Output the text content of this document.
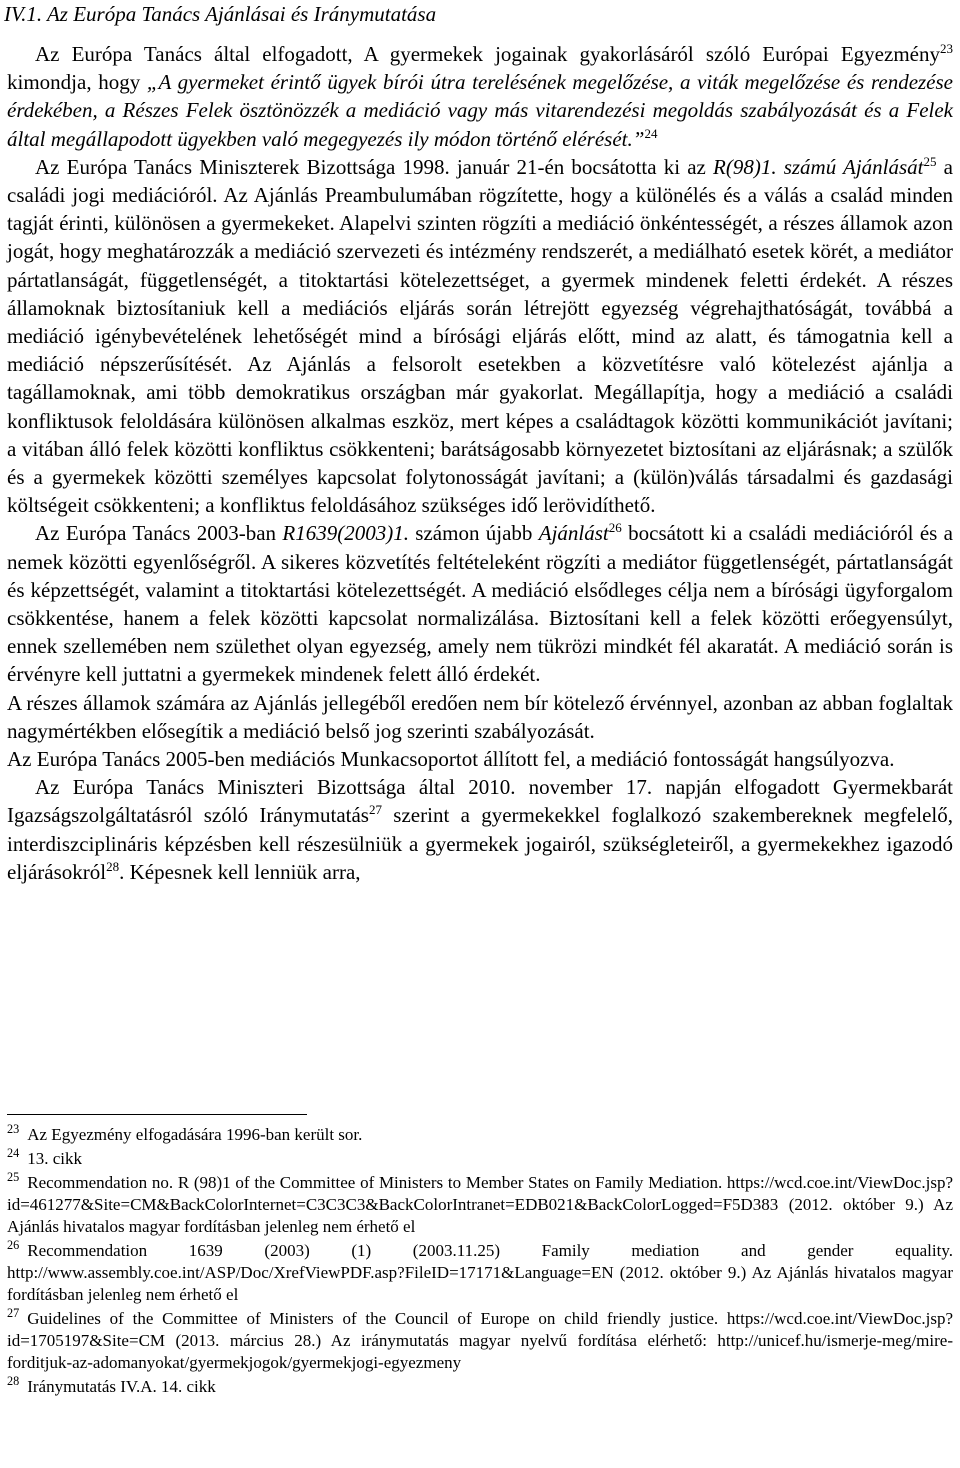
IV.1. Az Európa Tanács Ajánlásai és Iránymutatása

Az Európa Tanács által elfogadott, A gyermekek jogainak gyakorlásáról szóló Európai Egyezmény$^{23}$ kimondja, hogy „A gyermeket érintő ügyek bírói útra terelésének megelőzése, a viták megelőzése és rendezése érdekében, a Részes Felek ösztönözzék a mediáció vagy más vitarendezési megoldás szabályozását és a Felek által megállapodott ügyekben való megegyezés ily módon történő elérését.”$^{24}$

Az Európa Tanács Miniszterek Bizottsága 1998. január 21-én bocsátotta ki az R(98)1. számú Ajánlását$^{25}$ a családi jogi mediációról. Az Ajánlás Preambulumában rögzítette, hogy a különélés és a válás a család minden tagját érinti, különösen a gyermekeket. Alapelvi szinten rögzíti a mediáció önkéntességét, a részes államok azon jogát, hogy meghatározzák a mediáció szervezeti és intézmény rendszerét, a mediálható esetek körét, a mediátor pártatlanságát, függetlenségét, a titoktartási kötelezettséget, a gyermek mindenek feletti érdekét. A részes államoknak biztosítaniuk kell a mediációs eljárás során létrejött egyezség végrehajthatóságát, továbbá a mediáció igénybevételének lehetőségét mind a bírósági eljárás előtt, mind az alatt, és támogatnia kell a mediáció népszerűsítését. Az Ajánlás a felsorolt esetekben a közvetítésre való kötelezést ajánlja a tagállamoknak, ami több demokratikus országban már gyakorlat. Megállapítja, hogy a mediáció a családi konfliktusok feloldására különösen alkalmas eszköz, mert képes a családtagok közötti kommunikációt javítani; a vitában álló felek közötti konfliktus csökkenteni; barátságosabb környezetet biztosítani az eljárásnak; a szülők és a gyermekek közötti személyes kapcsolat folytonosságát javítani; a (külön)válás társadalmi és gazdasági költségeit csökkenteni; a konfliktus feloldásához szükséges idő lerövidíthető.

Az Európa Tanács 2003-ban R1639(2003)1. számon újabb Ajánlást$^{26}$ bocsátott ki a családi mediációról és a nemek közötti egyenlőségről. A sikeres közvetítés feltételeként rögzíti a mediátor függetlenségét, pártatlanságát és képzettségét, valamint a titoktartási kötelezettségét. A mediáció elsődleges célja nem a bírósági ügyforgalom csökkentése, hanem a felek közötti kapcsolat normalizálása. Biztosítani kell a felek közötti erőegyensúlyt, ennek szellemében nem születhet olyan egyezség, amely nem tükrözi mindkét fél akaratát. A mediáció során is érvényre kell juttatni a gyermekek mindenek felett álló érdekét.

A részes államok számára az Ajánlás jellegéből eredően nem bír kötelező érvénnyel, azonban az abban foglaltak nagymértékben elősegítik a mediáció belső jog szerinti szabályozását.

Az Európa Tanács 2005-ben mediációs Munkacsoportot állított fel, a mediáció fontosságát hangsúlyozva.

Az Európa Tanács Miniszteri Bizottsága által 2010. november 17. napján elfogadott Gyermekbarát Igazságszolgáltatásról szóló Iránymutatás$^{27}$ szerint a gyermekekkel foglalkozó szakembereknek megfelelő, interdiszciplináris képzésben kell részesülniük a gyermekek jogairól, szükségleteiről, a gyermekekhez igazodó eljárásokról$^{28}$. Képesnek kell lenniük arra,

$^{23}$ Az Egyezmény elfogadására 1996-ban került sor.

$^{24}$ 13. cikk

$^{25}$ Recommendation no. R (98)1 of the Committee of Ministers to Member States on Family Mediation. https://wcd.coe.int/ViewDoc.jsp?id=461277&Site=CM&BackColorInternet=C3C3C3&BackColorIntranet=EDB021&BackColorLogged=F5D383 (2012. október 9.) Az Ajánlás hivatalos magyar fordításban jelenleg nem érhető el

$^{26}$ Recommendation 1639 (2003) (1) (2003.11.25) Family mediation and gender equality. http://www.assembly.coe.int/ASP/Doc/XrefViewPDF.asp?FileID=17171&Language=EN (2012. október 9.) Az Ajánlás hivatalos magyar fordításban jelenleg nem érhető el

$^{27}$ Guidelines of the Committee of Ministers of the Council of Europe on child friendly justice. https://wcd.coe.int/ViewDoc.jsp?id=1705197&Site=CM (2013. március 28.) Az iránymutatás magyar nyelvű fordítása elérhető: http://unicef.hu/ismerje-meg/mire-forditjuk-az-adomanyokat/gyermekjogok/gyermekjogi-egyezmeny

$^{28}$ Iránymutatás IV.A. 14. cikk
